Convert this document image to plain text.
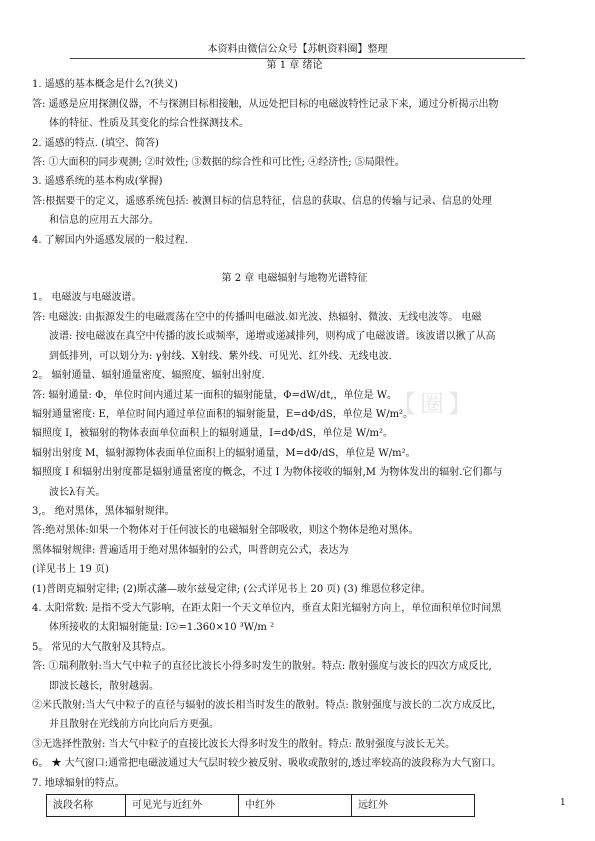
本资料由微信公众号【苏帆资料圈】整理
【圈】

第 1 章 绪论

1. 遥感的基本概念是什么?(狭义)

答: 遥感是应用探测仪器，不与探测目标相接触，从远处把目标的电磁波特性记录下来，通过分析揭示出物

体的特征、性质及其变化的综合性探测技术。

2. 遥感的特点. (填空、简答)

答: ①大面积的同步观测; ②时效性; ③数据的综合性和可比性; ④经济性; ⑤局限性。

3. 遥感系统的基本构成(掌握)

答:根据要干的定义，遥感系统包括: 被测目标的信息特征，信息的获取、信息的传输与记录、信息的处理

和信息的应用五大部分。

4. 了解国内外遥感发展的一般过程.

第 2 章 电磁辐射与地物光谱特征

1。 电磁波与电磁波谱。

答: 电磁波: 由振源发生的电磁震荡在空中的传播叫电磁波.如光波、热辐射、微波、无线电波等。 电磁

波谱: 按电磁波在真空中传播的波长或频率，递增或递减排列，则构成了电磁波谱。该波谱以揪了从高

到低排列，可以划分为: γ射线、X射线、紫外线、可见光、红外线、无线电波.

2。 辐射通量、辐射通量密度、辐照度、辐射出射度.

答: 辐射通量: Φ，单位时间内通过某一面积的辐射能量，Φ=dW/dt,，单位是 W。

辐射通量密度: E，单位时间内通过单位面积的辐射能量，E=dΦ/dS，单位是 W/m²。

辐照度 I，被辐射的物体表面单位面积上的辐射通量，I=dΦ/dS，单位是 W/m²。

辐射出射度 M，辐射源物体表面单位面积上的辐射通量，M=dΦ/dS，单位是 W/m²。

辐照度 I 和辐射出射度都是辐射通量密度的概念，不过 I 为物体接收的辐射,M 为物体发出的辐射.它们都与

波长λ有关。

3,。 绝对黑体，黑体辐射规律。

答:绝对黑体:如果一个物体对于任何波长的电磁辐射全部吸收，则这个物体是绝对黑体。

黑体辐射规律: 普遍适用于绝对黑体辐射的公式，叫普朗克公式，表达为

(详见书上 19 页)

(1)普朗克辐射定律; (2)斯忒藩—玻尔兹曼定律; (公式详见书上 20 页) (3) 维恩位移定律。

4. 太阳常数: 是指不受大气影响，在距太阳一个天文单位内，垂直太阳光辐射方向上，单位面积单位时间黑

体所接收的太阳辐射能量: I☉=1.360×10 ³W/m ²

5。 常见的大气散射及其特点。

答: ①瑞利散射:当大气中粒子的直径比波长小得多时发生的散射。特点: 散射强度与波长的四次方成反比,

即波长越长，散射越弱。

②米氏散射:当大气中粒子的直径与辐射的波长相当时发生的散射。特点: 散射强度与波长的二次方成反比，

并且散射在光线前方向比向后方更强。

③无选择性散射: 当大气中粒子的直接比波长大得多时发生的散射。特点: 散射强度与波长无关。

6。 ★ 大气窗口:通常把电磁波通过大气层时较少被反射、吸收或散射的,透过率较高的波段称为大气窗口。

7. 地球辐射的特点。

波段名称	可见光与近红外	中红外	远红外	1
